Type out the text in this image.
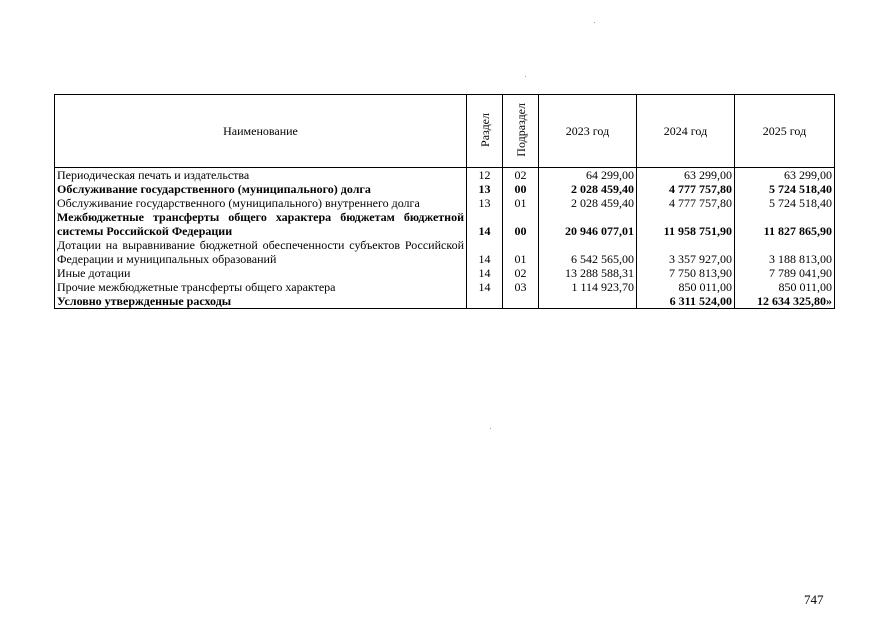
Наименование	Раздел	Подраздел	2023 год	2024 год	2025 год
Периодическая печать и издательства	12	02	64 299,00	63 299,00	63 299,00
Обслуживание государственного (муниципального) долга	13	00	2 028 459,40	4 777 757,80	5 724 518,40
Обслуживание государственного (муниципального) внутреннего долга	13	01	2 028 459,40	4 777 757,80	5 724 518,40
Межбюджетные трансферты общего характера бюджетам бюджетной системы Российской Федерации	14	00	20 946 077,01	11 958 751,90	11 827 865,90
Дотации на выравнивание бюджетной обеспеченности субъектов Российской Федерации и муниципальных образований	14	01	6 542 565,00	3 357 927,00	3 188 813,00
Иные дотации	14	02	13 288 588,31	7 750 813,90	7 789 041,90
Прочие межбюджетные трансферты общего характера	14	03	1 114 923,70	850 011,00	850 011,00
Условно утвержденные расходы				6 311 524,00	12 634 325,80»
747
